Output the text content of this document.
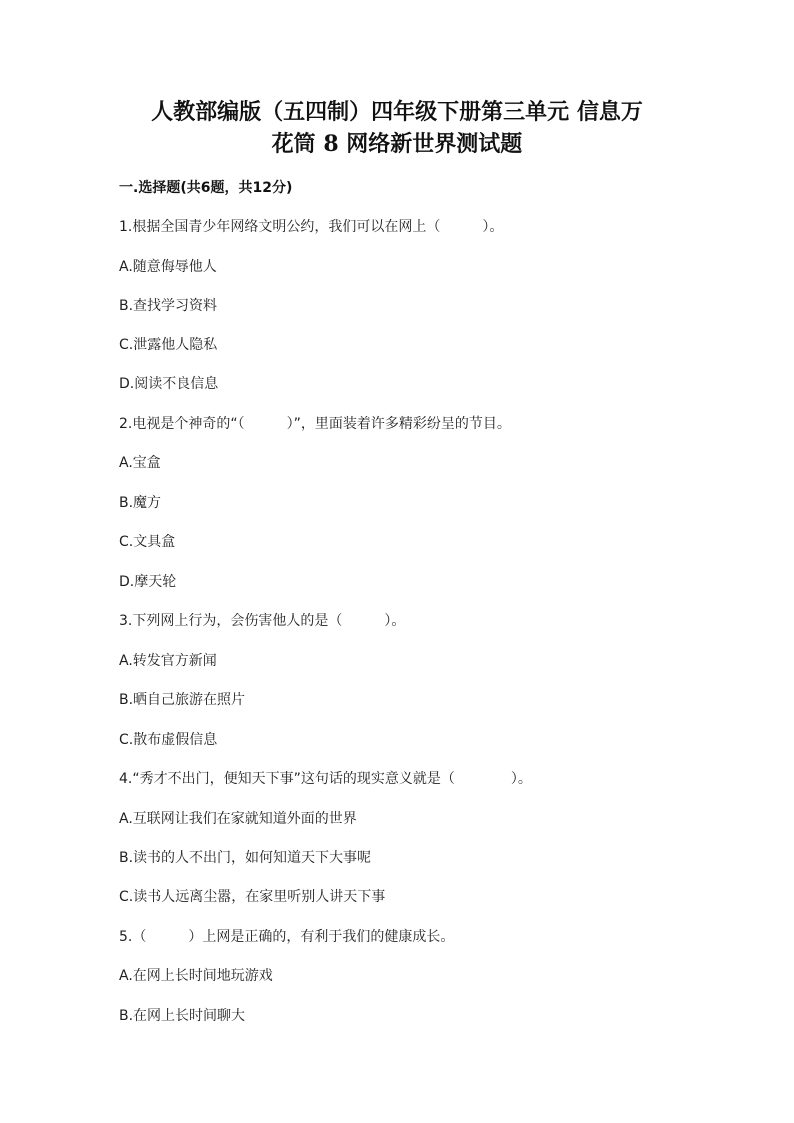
人教部编版（五四制）四年级下册第三单元 信息万
花筒 8 网络新世界测试题
一.选择题(共6题，共12分)
1.根据全国青少年网络文明公约，我们可以在网上（　　　）。
A.随意侮辱他人
B.查找学习资料
C.泄露他人隐私
D.阅读不良信息
2.电视是个神奇的“（　　　）”，里面装着许多精彩纷呈的节目。
A.宝盒
B.魔方
C.文具盒
D.摩天轮
3.下列网上行为，会伤害他人的是（　　　）。
A.转发官方新闻
B.晒自己旅游在照片
C.散布虚假信息
4.“秀才不出门，便知天下事”这句话的现实意义就是（　　　　）。
A.互联网让我们在家就知道外面的世界
B.读书的人不出门，如何知道天下大事呢
C.读书人远离尘嚣，在家里听别人讲天下事
5.（　　　）上网是正确的，有利于我们的健康成长。
A.在网上长时间地玩游戏
B.在网上长时间聊大
